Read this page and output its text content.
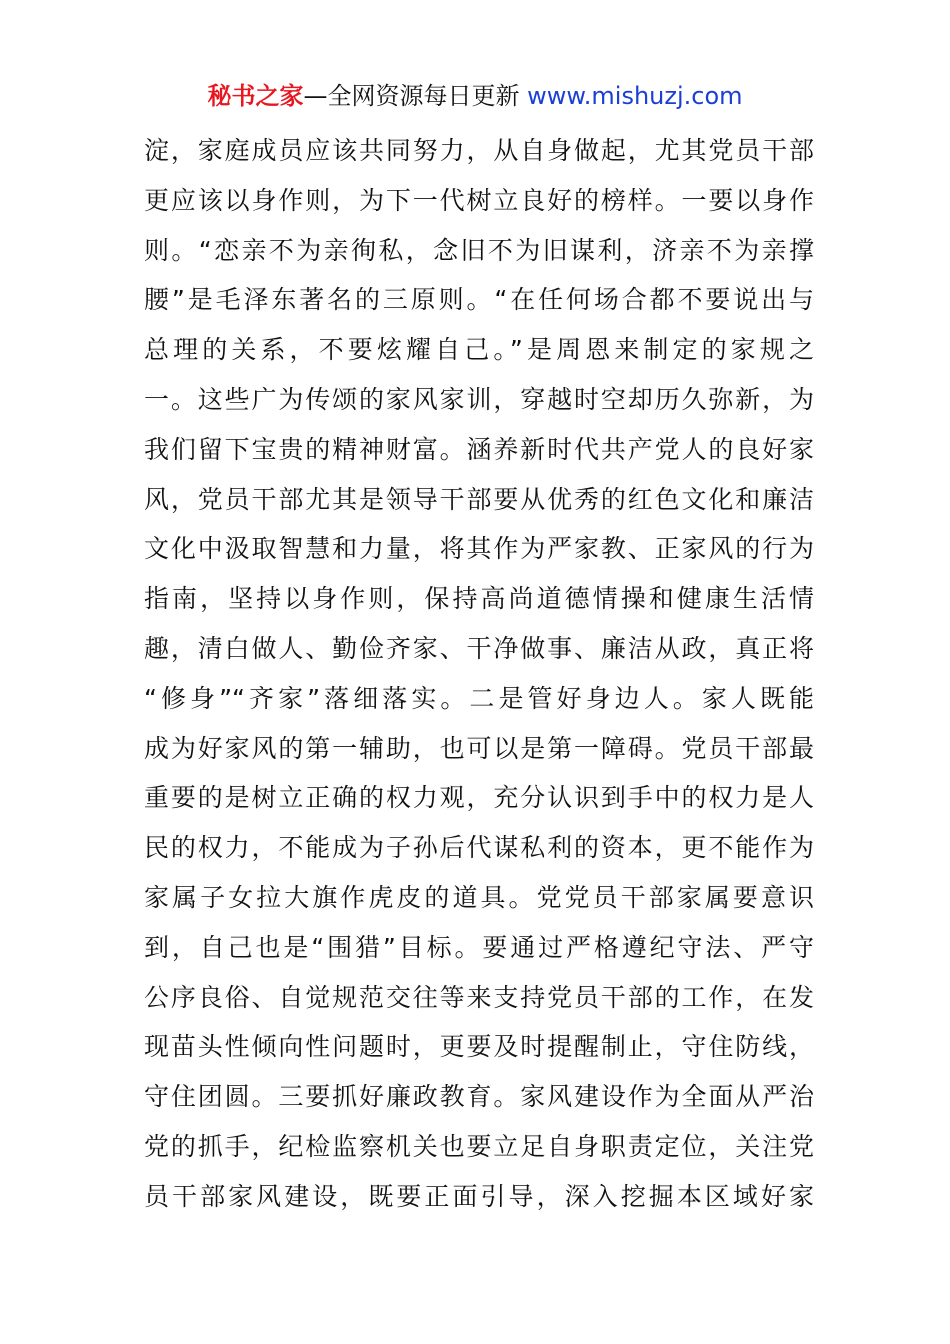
秘书之家—全网资源每日更新 www.mishuzj.com
淀，家庭成员应该共同努力，从自身做起，尤其党员干部
更应该以身作则，为下一代树立良好的榜样。一要以身作
则。“恋亲不为亲徇私，念旧不为旧谋利，济亲不为亲撑
腰”是毛泽东著名的三原则。“在任何场合都不要说出与
总理的关系，不要炫耀自己。”是周恩来制定的家规之
一。这些广为传颂的家风家训，穿越时空却历久弥新，为
我们留下宝贵的精神财富。涵养新时代共产党人的良好家
风，党员干部尤其是领导干部要从优秀的红色文化和廉洁
文化中汲取智慧和力量，将其作为严家教、正家风的行为
指南，坚持以身作则，保持高尚道德情操和健康生活情
趣，清白做人、勤俭齐家、干净做事、廉洁从政，真正将
“修身”“齐家”落细落实。二是管好身边人。家人既能
成为好家风的第一辅助，也可以是第一障碍。党员干部最
重要的是树立正确的权力观，充分认识到手中的权力是人
民的权力，不能成为子孙后代谋私利的资本，更不能作为
家属子女拉大旗作虎皮的道具。党党员干部家属要意识
到，自己也是“围猎”目标。要通过严格遵纪守法、严守
公序良俗、自觉规范交往等来支持党员干部的工作，在发
现苗头性倾向性问题时，更要及时提醒制止，守住防线，
守住团圆。三要抓好廉政教育。家风建设作为全面从严治
党的抓手，纪检监察机关也要立足自身职责定位，关注党
员干部家风建设，既要正面引导，深入挖掘本区域好家
